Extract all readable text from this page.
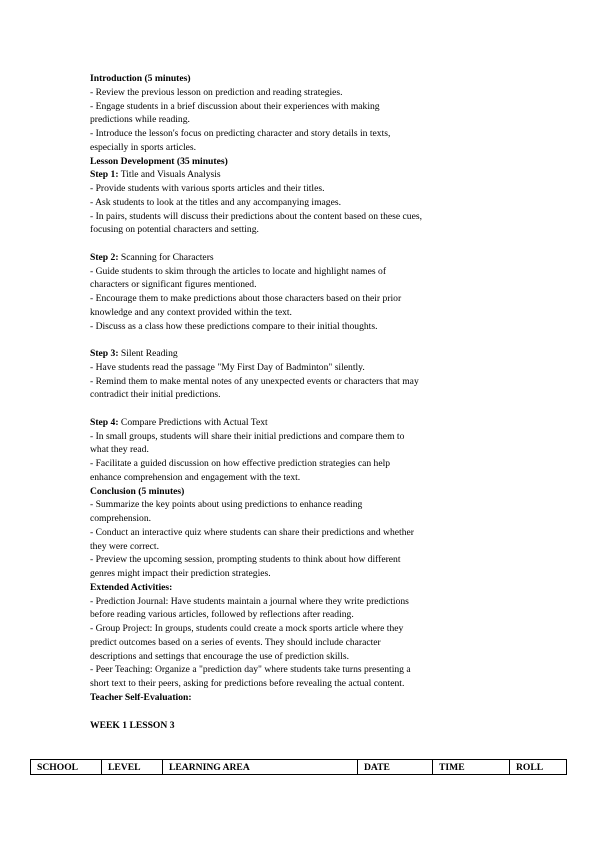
Introduction (5 minutes)
- Review the previous lesson on prediction and reading strategies.
- Engage students in a brief discussion about their experiences with making
predictions while reading.
- Introduce the lesson's focus on predicting character and story details in texts,
especially in sports articles.
Lesson Development (35 minutes)
Step 1: Title and Visuals Analysis
- Provide students with various sports articles and their titles.
- Ask students to look at the titles and any accompanying images.
- In pairs, students will discuss their predictions about the content based on these cues,
focusing on potential characters and setting.
Step 2: Scanning for Characters
- Guide students to skim through the articles to locate and highlight names of
characters or significant figures mentioned.
- Encourage them to make predictions about those characters based on their prior
knowledge and any context provided within the text.
- Discuss as a class how these predictions compare to their initial thoughts.
Step 3: Silent Reading
- Have students read the passage "My First Day of Badminton" silently.
- Remind them to make mental notes of any unexpected events or characters that may
contradict their initial predictions.
Step 4: Compare Predictions with Actual Text
- In small groups, students will share their initial predictions and compare them to
what they read.
- Facilitate a guided discussion on how effective prediction strategies can help
enhance comprehension and engagement with the text.
Conclusion (5 minutes)
- Summarize the key points about using predictions to enhance reading
comprehension.
- Conduct an interactive quiz where students can share their predictions and whether
they were correct.
- Preview the upcoming session, prompting students to think about how different
genres might impact their prediction strategies.
Extended Activities:
- Prediction Journal: Have students maintain a journal where they write predictions
before reading various articles, followed by reflections after reading.
- Group Project: In groups, students could create a mock sports article where they
predict outcomes based on a series of events. They should include character
descriptions and settings that encourage the use of prediction skills.
- Peer Teaching: Organize a "prediction day" where students take turns presenting a
short text to their peers, asking for predictions before revealing the actual content.
Teacher Self-Evaluation:
WEEK 1 LESSON 3
SCHOOL	LEVEL	LEARNING AREA	DATE	TIME	ROLL
